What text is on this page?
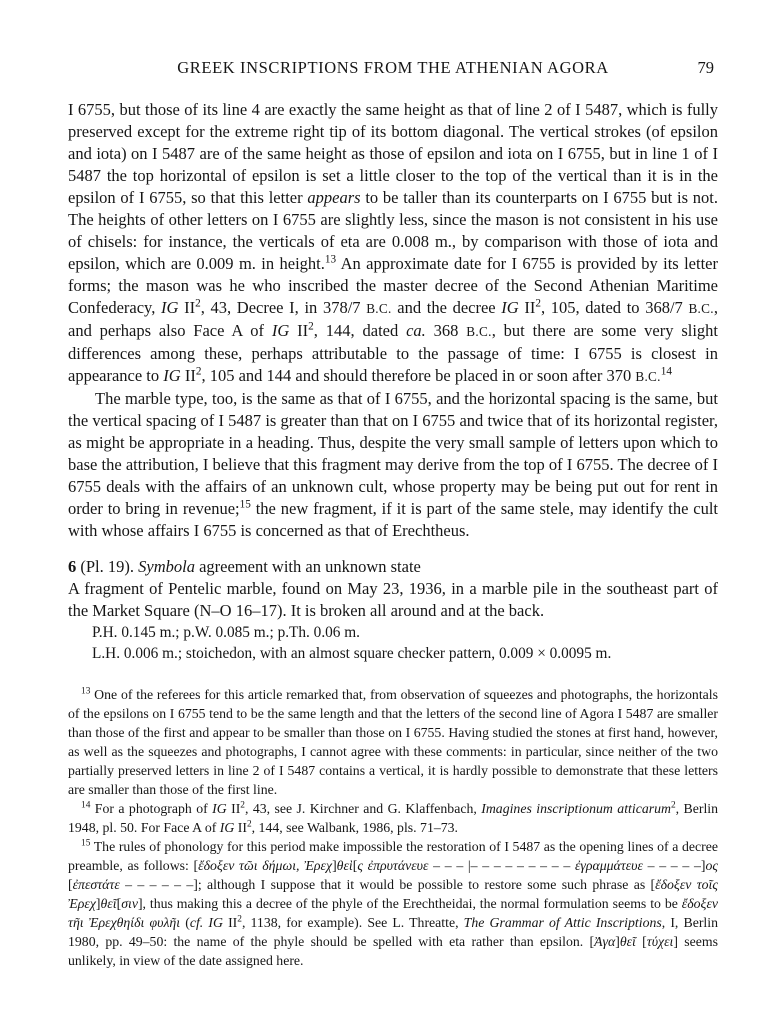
GREEK INSCRIPTIONS FROM THE ATHENIAN AGORA	79

I 6755, but those of its line 4 are exactly the same height as that of line 2 of I 5487, which is fully preserved except for the extreme right tip of its bottom diagonal. The vertical strokes (of epsilon and iota) on I 5487 are of the same height as those of epsilon and iota on I 6755, but in line 1 of I 5487 the top horizontal of epsilon is set a little closer to the top of the vertical than it is in the epsilon of I 6755, so that this letter appears to be taller than its counterparts on I 6755 but is not. The heights of other letters on I 6755 are slightly less, since the mason is not consistent in his use of chisels: for instance, the verticals of eta are 0.008 m., by comparison with those of iota and epsilon, which are 0.009 m. in height.$^{13}$ An approximate date for I 6755 is provided by its letter forms; the mason was he who inscribed the master decree of the Second Athenian Maritime Confederacy, IG $II^2$, 43, Decree I, in 378/7 B.C. and the decree IG $II^2$, 105, dated to 368/7 B.C., and perhaps also Face A of IG $II^2$, 144, dated ca. 368 B.C., but there are some very slight differences among these, perhaps attributable to the passage of time: I 6755 is closest in appearance to IG $II^2$, 105 and 144 and should therefore be placed in or soon after 370 B.C.$^{14}$

The marble type, too, is the same as that of I 6755, and the horizontal spacing is the same, but the vertical spacing of I 5487 is greater than that on I 6755 and twice that of its horizontal register, as might be appropriate in a heading. Thus, despite the very small sample of letters upon which to base the attribution, I believe that this fragment may derive from the top of I 6755. The decree of I 6755 deals with the affairs of an unknown cult, whose property may be being put out for rent in order to bring in revenue;$^{15}$ the new fragment, if it is part of the same stele, may identify the cult with whose affairs I 6755 is concerned as that of Erechtheus.

6 (Pl. 19). Symbola agreement with an unknown state
A fragment of Pentelic marble, found on May 23, 1936, in a marble pile in the southeast part of the Market Square (N–O 16–17). It is broken all around and at the back.
P.H. 0.145 m.; p.W. 0.085 m.; p.Th. 0.06 m.
L.H. 0.006 m.; stoichedon, with an almost square checker pattern, 0.009 × 0.0095 m.

$^{13}$ One of the referees for this article remarked that, from observation of squeezes and photographs, the horizontals of the epsilons on I 6755 tend to be the same length and that the letters of the second line of Agora I 5487 are smaller than those of the first and appear to be smaller than those on I 6755. Having studied the stones at first hand, however, as well as the squeezes and photographs, I cannot agree with these comments: in particular, since neither of the two partially preserved letters in line 2 of I 5487 contains a vertical, it is hardly possible to demonstrate that these letters are smaller than those of the first line.

$^{14}$ For a photograph of IG $II^2$, 43, see J. Kirchner and G. Klaffenbach, Imagines inscriptionum atticarum$^2$, Berlin 1948, pl. 50. For Face A of IG $II^2$, 144, see Walbank, 1986, pls. 71–73.

$^{15}$ The rules of phonology for this period make impossible the restoration of I 5487 as the opening lines of a decree preamble, as follows: [ἔδοξεν τῶι δήμωι, Ἐρεχ]θεὶ[ς ἐπρυτάνευε – – – |– – – – – – – – – ἐγραμμάτευε – – – – –]ος [ἐπεστάτε – – – – – –]; although I suppose that it would be possible to restore some such phrase as [ἔδοξεν τοῖς Ἐρεχ]θεῖ[σιν], thus making this a decree of the phyle of the Erechtheidai, the normal formulation seems to be ἔδοξεν τῆι Ἐρεχθηίδι φυλῆι (cf. IG $II^2$, 1138, for example). See L. Threatte, The Grammar of Attic Inscriptions, I, Berlin 1980, pp. 49–50: the name of the phyle should be spelled with eta rather than epsilon. [Ἀγα]θεῖ [τύχει] seems unlikely, in view of the date assigned here.
